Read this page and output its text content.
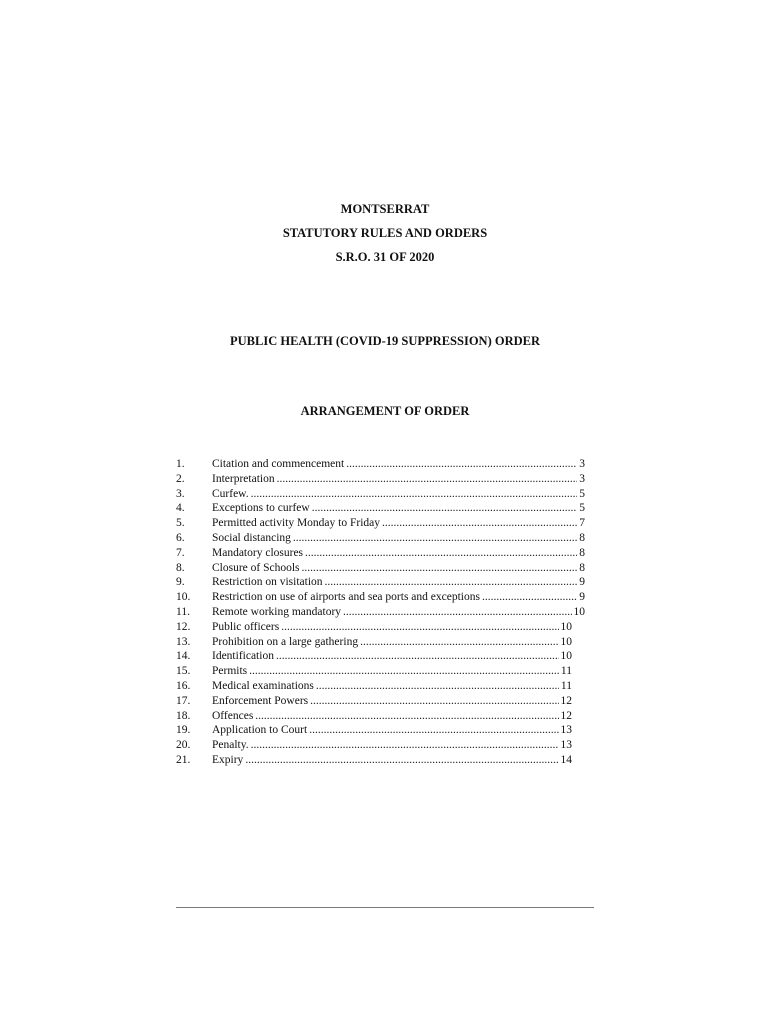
MONTSERRAT
STATUTORY RULES AND ORDERS
S.R.O. 31 OF 2020
PUBLIC HEALTH (COVID-19 SUPPRESSION) ORDER
ARRANGEMENT OF ORDER
1.	Citation and commencement .....	3
2.	Interpretation .....	3
3.	Curfew. .....	5
4.	Exceptions to curfew .....	5
5.	Permitted activity Monday to Friday .....	7
6.	Social distancing .....	8
7.	Mandatory closures .....	8
8.	Closure of Schools .....	8
9.	Restriction on visitation .....	9
10.	Restriction on use of airports and sea ports and exceptions .....	9
11.	Remote working mandatory .....	10
12.	Public officers .....	10
13.	Prohibition on a large gathering .....	10
14.	Identification .....	10
15.	Permits .....	11
16.	Medical examinations .....	11
17.	Enforcement Powers .....	12
18.	Offences .....	12
19.	Application to Court .....	13
20.	Penalty. .....	13
21.	Expiry .....	14
